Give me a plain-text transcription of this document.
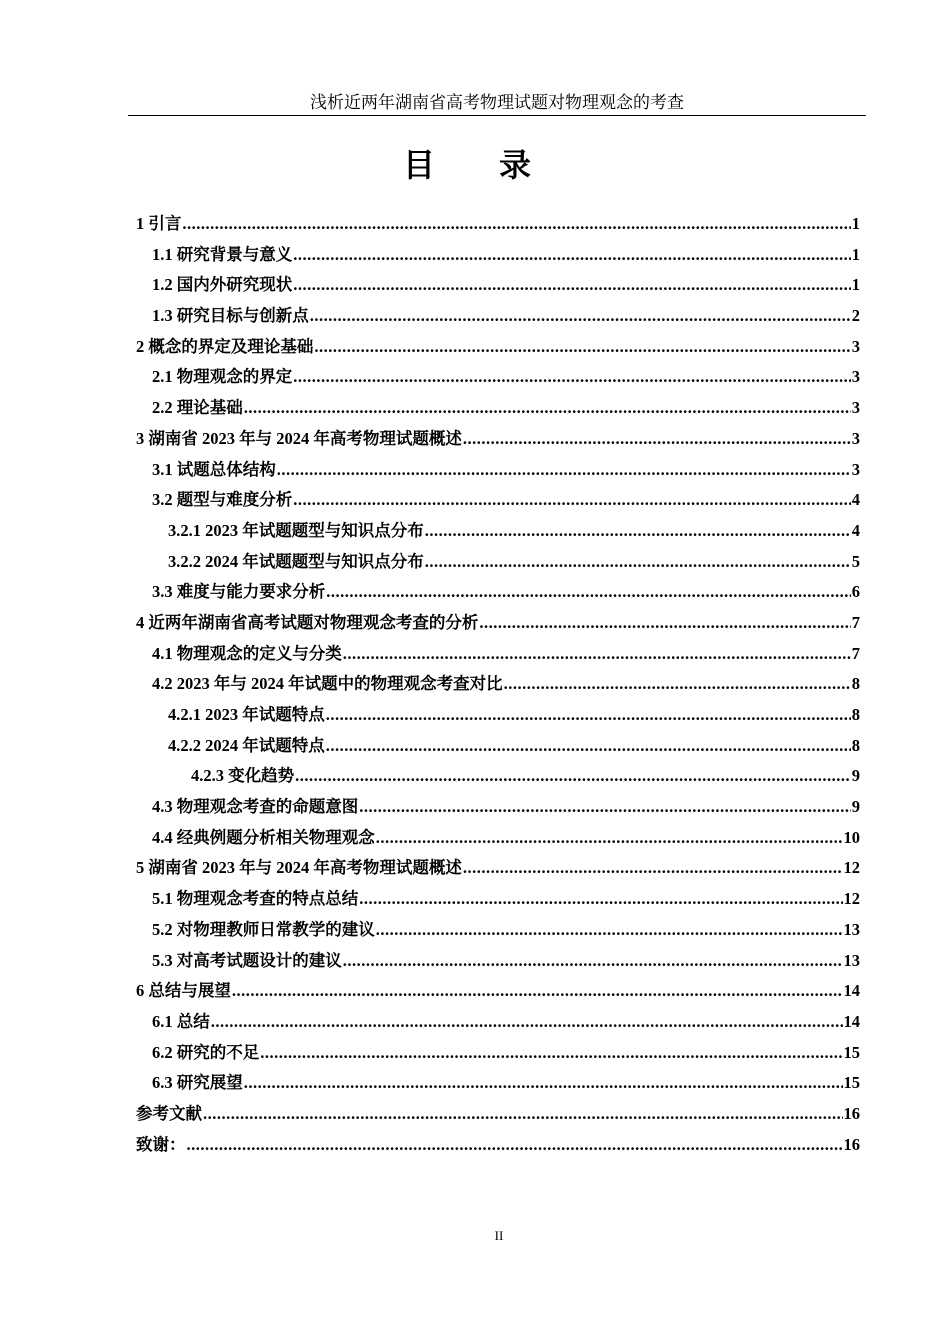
浅析近两年湖南省高考物理试题对物理观念的考查
目录
1 引言 .....	1
1.1 研究背景与意义 .....	1
1.2 国内外研究现状 .....	1
1.3 研究目标与创新点 .....	2
2 概念的界定及理论基础 .....	3
2.1 物理观念的界定 .....	3
2.2 理论基础 .....	3
3 湖南省 2023 年与 2024 年高考物理试题概述 .....	3
3.1 试题总体结构 .....	3
3.2 题型与难度分析 .....	4
3.2.1 2023 年试题题型与知识点分布 .....	4
3.2.2 2024 年试题题型与知识点分布 .....	5
3.3 难度与能力要求分析 .....	6
4 近两年湖南省高考试题对物理观念考查的分析 .....	7
4.1 物理观念的定义与分类 .....	7
4.2 2023 年与 2024 年试题中的物理观念考查对比 .....	8
4.2.1 2023 年试题特点 .....	8
4.2.2 2024 年试题特点 .....	8
4.2.3 变化趋势 .....	9
4.3 物理观念考查的命题意图 .....	9
4.4 经典例题分析相关物理观念 .....	10
5 湖南省 2023 年与 2024 年高考物理试题概述 .....	12
5.1 物理观念考查的特点总结 .....	12
5.2 对物理教师日常教学的建议 .....	13
5.3 对高考试题设计的建议 .....	13
6 总结与展望 .....	14
6.1 总结 .....	14
6.2 研究的不足 .....	15
6.3 研究展望 .....	15
参考文献 .....	16
致谢： .....	16
II
